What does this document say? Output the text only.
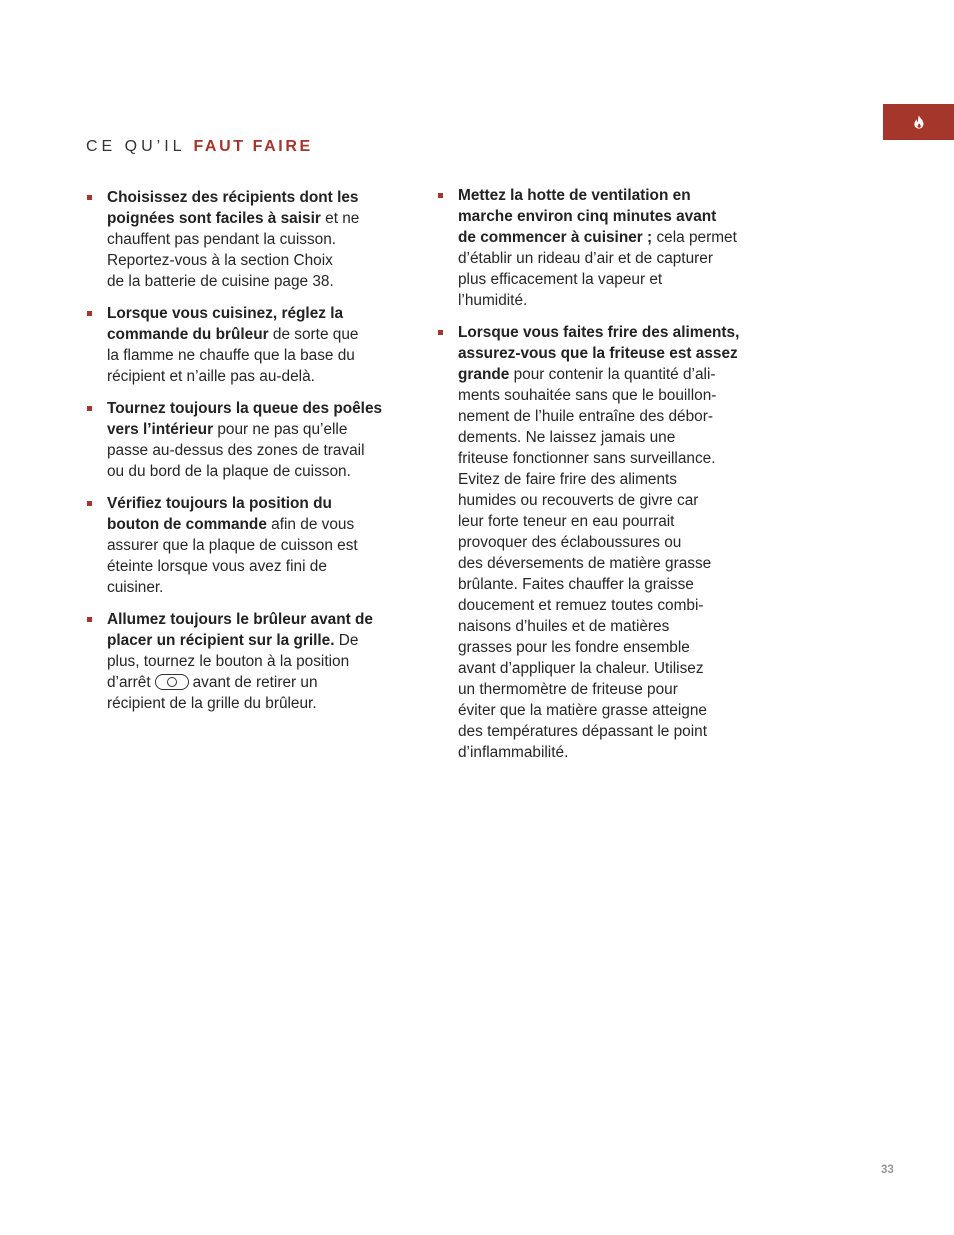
CE QU’IL FAUT FAIRE
Choisissez des récipients dont les
poignées sont faciles à saisir et ne
chauffent pas pendant la cuisson.
Reportez-vous à la section Choix
de la batterie de cuisine page 38.
Lorsque vous cuisinez, réglez la
commande du brûleur de sorte que
la flamme ne chauffe que la base du
récipient et n’aille pas au-delà.
Tournez toujours la queue des poêles
vers l’intérieur pour ne pas qu’elle
passe au-dessus des zones de travail
ou du bord de la plaque de cuisson.
Vérifiez toujours la position du
bouton de commande afin de vous
assurer que la plaque de cuisson est
éteinte lorsque vous avez fini de
cuisiner.
Allumez toujours le brûleur avant de
placer un récipient sur la grille. De
plus, tournez le bouton à la position
d’arrêt	avant de retirer un
récipient de la grille du brûleur.
Mettez la hotte de ventilation en
marche environ cinq minutes avant
de commencer à cuisiner ; cela permet
d’établir un rideau d’air et de capturer
plus efficacement la vapeur et
l’humidité.
Lorsque vous faites frire des aliments,
assurez-vous que la friteuse est assez
grande pour contenir la quantité d’ali-
ments souhaitée sans que le bouillon-
nement de l’huile entraîne des débor-
dements. Ne laissez jamais une
friteuse fonctionner sans surveillance.
Evitez de faire frire des aliments
humides ou recouverts de givre car
leur forte teneur en eau pourrait
provoquer des éclaboussures ou
des déversements de matière grasse
brûlante. Faites chauffer la graisse
doucement et remuez toutes combi-
naisons d’huiles et de matières
grasses pour les fondre ensemble
avant d’appliquer la chaleur. Utilisez
un thermomètre de friteuse pour
éviter que la matière grasse atteigne
des températures dépassant le point
d’inflammabilité.
33
